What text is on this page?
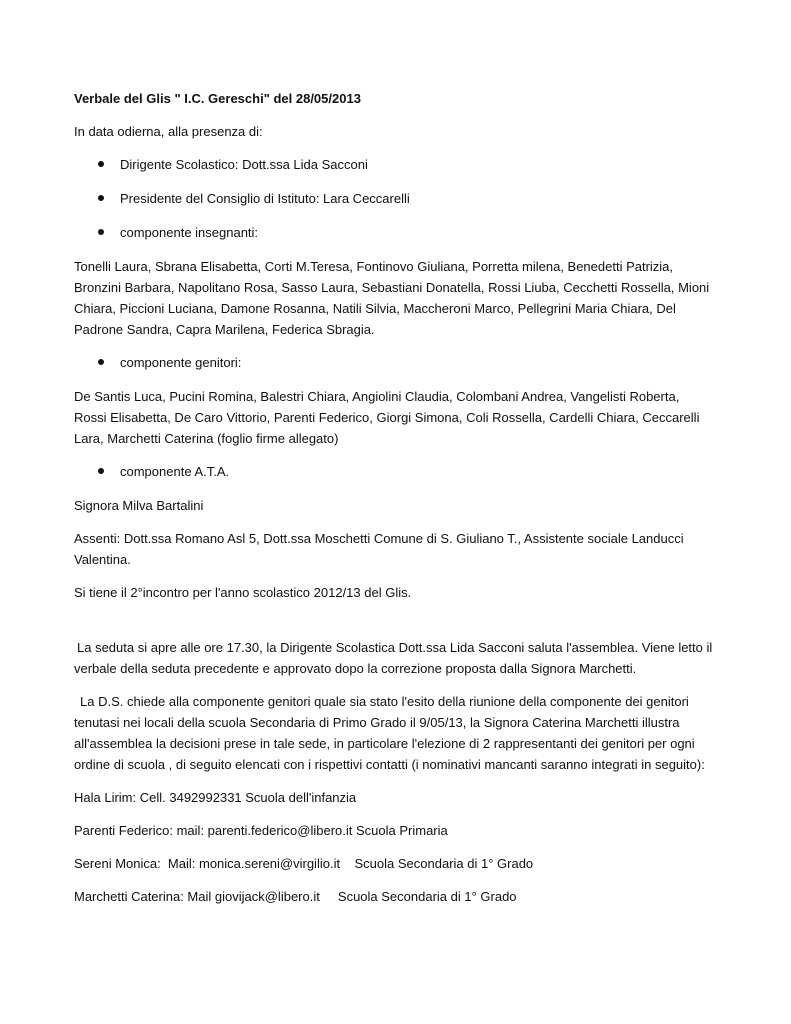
Verbale del Glis " I.C. Gereschi" del 28/05/2013

In data odierna, alla presenza di:

Dirigente Scolastico: Dott.ssa Lida Sacconi
Presidente del Consiglio di Istituto: Lara Ceccarelli
componente insegnanti:

Tonelli Laura, Sbrana Elisabetta, Corti M.Teresa, Fontinovo Giuliana, Porretta milena, Benedetti Patrizia, Bronzini Barbara, Napolitano Rosa, Sasso Laura, Sebastiani Donatella, Rossi Liuba, Cecchetti Rossella, Mioni Chiara, Piccioni Luciana, Damone Rosanna, Natili Silvia, Maccheroni Marco, Pellegrini Maria Chiara, Del Padrone Sandra, Capra Marilena, Federica Sbragia.

componente genitori:

De Santis Luca, Pucini Romina, Balestri Chiara, Angiolini Claudia, Colombani Andrea, Vangelisti Roberta, Rossi Elisabetta, De Caro Vittorio, Parenti Federico, Giorgi Simona, Coli Rossella, Cardelli Chiara, Ceccarelli Lara, Marchetti Caterina (foglio firme allegato)

componente A.T.A.

Signora Milva Bartalini

Assenti: Dott.ssa Romano Asl 5, Dott.ssa Moschetti Comune di S. Giuliano T., Assistente sociale Landucci Valentina.

Si tiene il 2°incontro per l'anno scolastico 2012/13 del Glis.

La seduta si apre alle ore 17.30, la Dirigente Scolastica Dott.ssa Lida Sacconi saluta l'assemblea. Viene letto il verbale della seduta precedente e approvato dopo la correzione proposta dalla Signora Marchetti.

La D.S. chiede alla componente genitori quale sia stato l'esito della riunione della componente dei genitori tenutasi nei locali della scuola Secondaria di Primo Grado il 9/05/13, la Signora Caterina Marchetti illustra all'assemblea la decisioni prese in tale sede, in particolare l'elezione di 2 rappresentanti dei genitori per ogni ordine di scuola , di seguito elencati con i rispettivi contatti (i nominativi mancanti saranno integrati in seguito):

Hala Lirim: Cell. 3492992331 Scuola dell'infanzia

Parenti Federico: mail: parenti.federico@libero.it Scuola Primaria

Sereni Monica:  Mail: monica.sereni@virgilio.it    Scuola Secondaria di 1° Grado

Marchetti Caterina: Mail giovijack@libero.it     Scuola Secondaria di 1° Grado
